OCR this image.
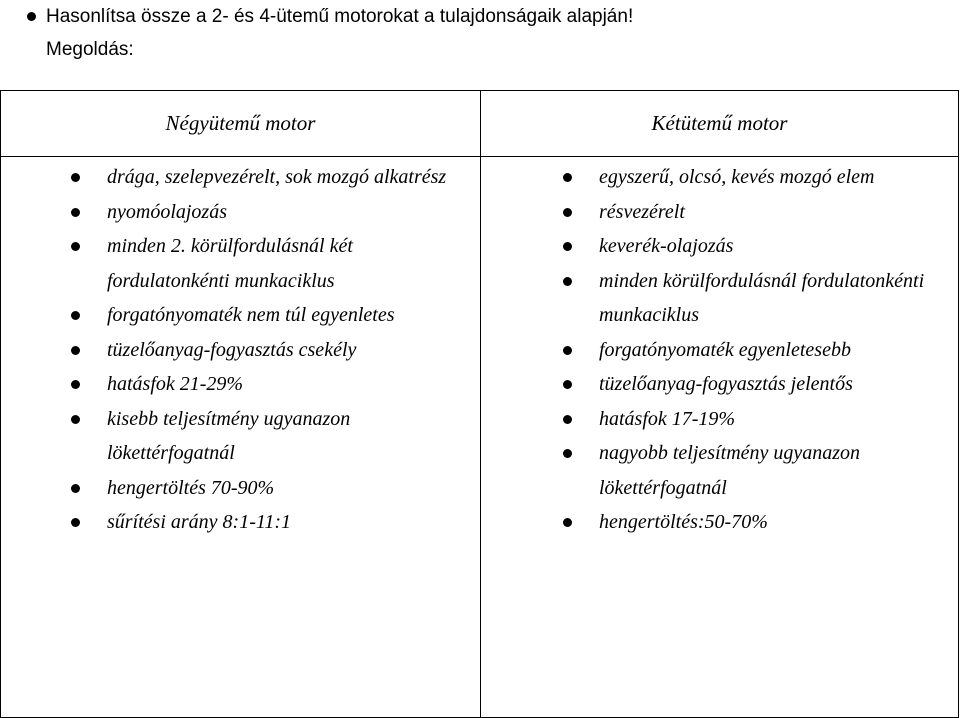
Hasonlítsa össze a 2- és 4-ütemű motorokat a tulajdonságaik alapján!
Megoldás:
Négyütemű motor	Kétütemű motor
drága, szelepvezérelt, sok mozgó alkatrész
nyomóolajozás
minden 2. körülfordulásnál két fordulatonkénti munkaciklus
forgatónyomaték nem túl egyenletes
tüzelőanyag-fogyasztás csekély
hatásfok 21-29%
kisebb teljesítmény ugyanazon lökettérfogatnál
hengertöltés 70-90%
sűrítési arány 8:1-11:1
egyszerű, olcsó, kevés mozgó elem
résvezérelt
keverék-olajozás
minden körülfordulásnál fordulatonkénti munkaciklus
forgatónyomaték egyenletesebb
tüzelőanyag-fogyasztás jelentős
hatásfok 17-19%
nagyobb teljesítmény ugyanazon lökettérfogatnál
hengertöltés:50-70%
